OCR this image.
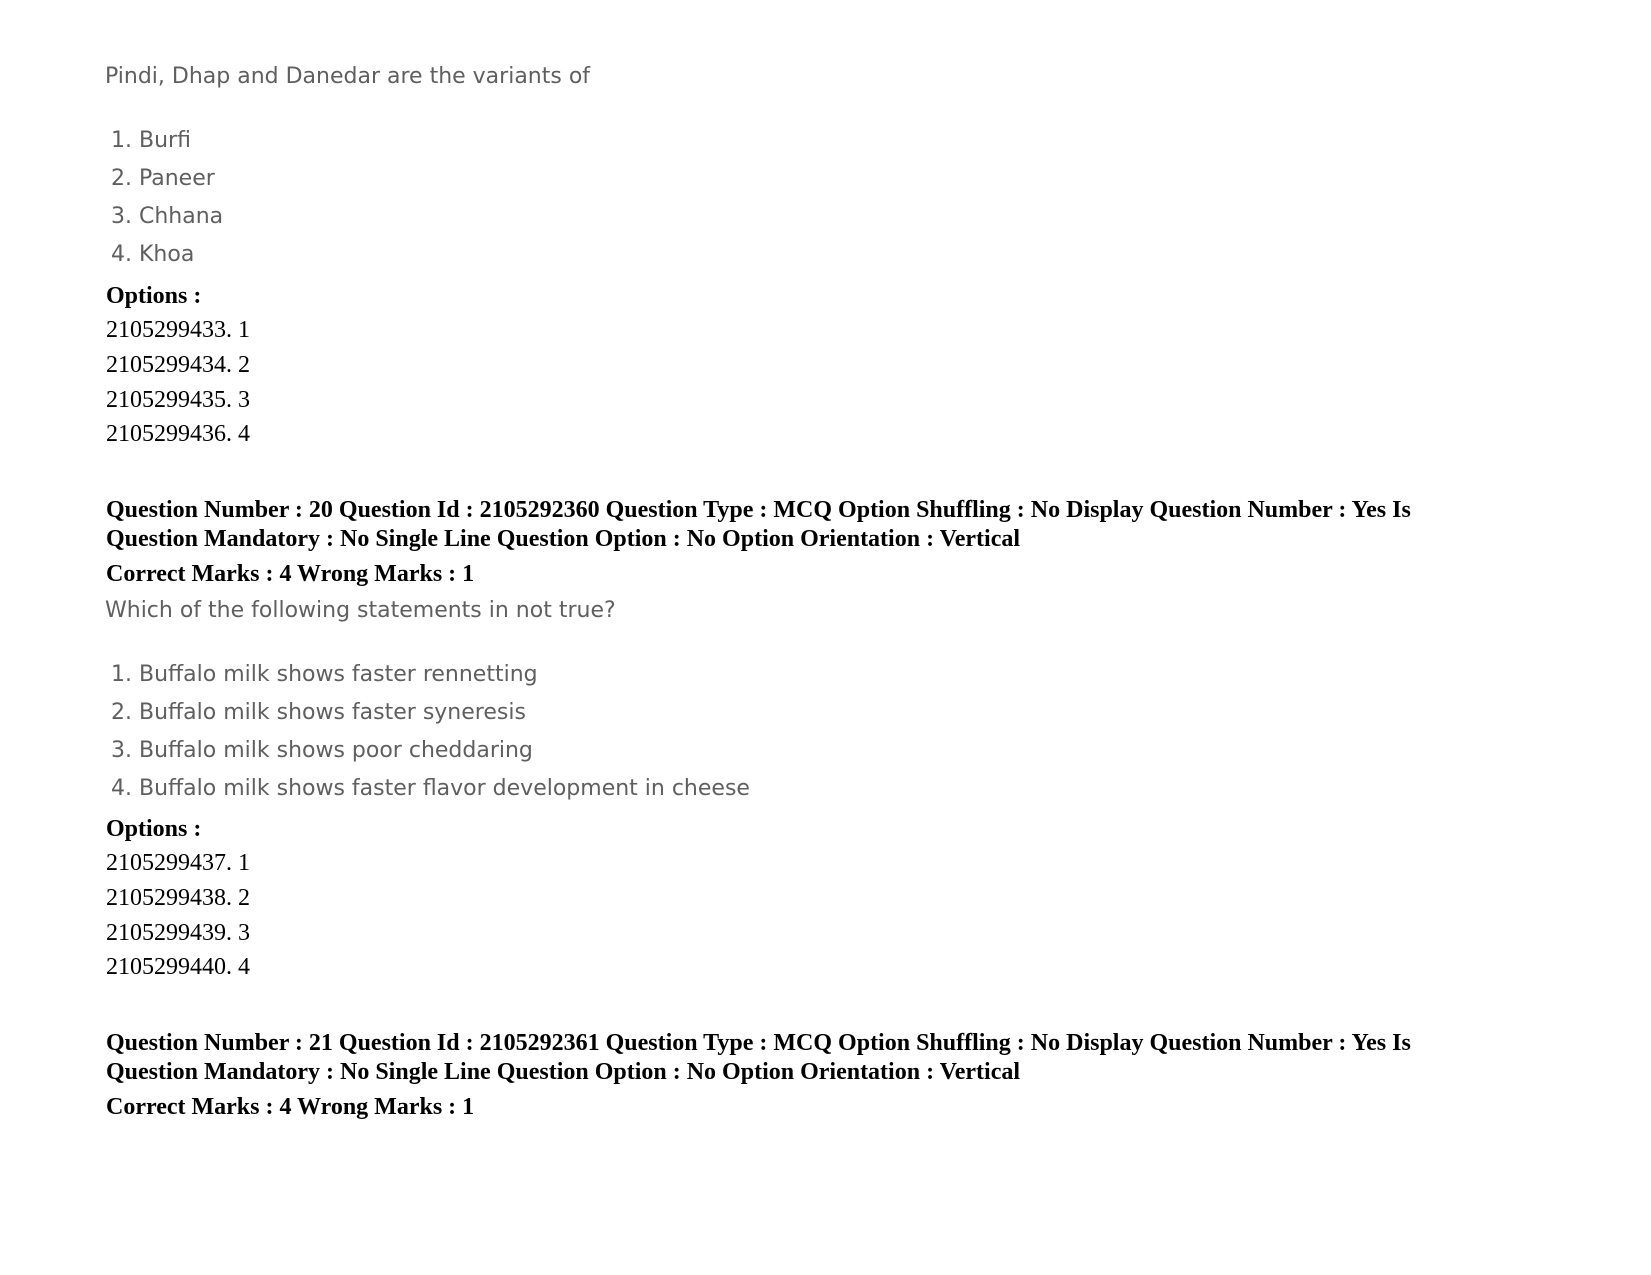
Pindi, Dhap and Danedar are the variants of
1. Burfi
2. Paneer
3. Chhana
4. Khoa
Options :
2105299433. 1
2105299434. 2
2105299435. 3
2105299436. 4
Question Number : 20 Question Id : 2105292360 Question Type : MCQ Option Shuffling : No Display Question Number : Yes Is
Question Mandatory : No Single Line Question Option : No Option Orientation : Vertical
Correct Marks : 4 Wrong Marks : 1
Which of the following statements in not true?
1. Buffalo milk shows faster rennetting
2. Buffalo milk shows faster syneresis
3. Buffalo milk shows poor cheddaring
4. Buffalo milk shows faster flavor development in cheese
Options :
2105299437. 1
2105299438. 2
2105299439. 3
2105299440. 4
Question Number : 21 Question Id : 2105292361 Question Type : MCQ Option Shuffling : No Display Question Number : Yes Is
Question Mandatory : No Single Line Question Option : No Option Orientation : Vertical
Correct Marks : 4 Wrong Marks : 1
